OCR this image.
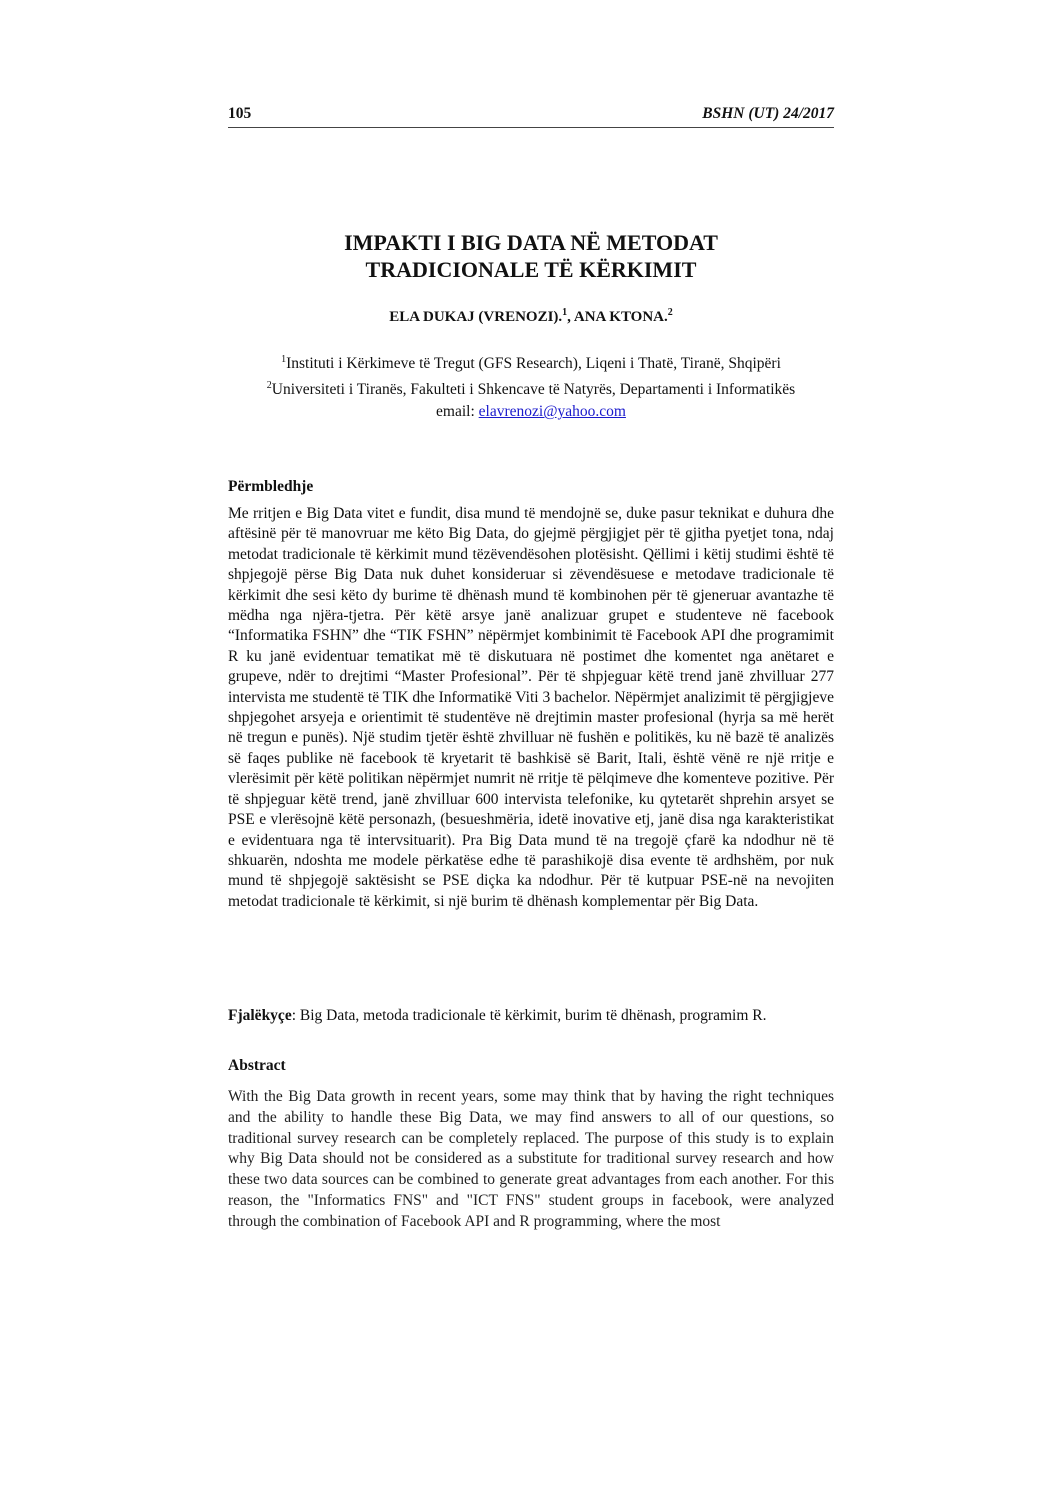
105	BSHN (UT) 24/2017
IMPAKTI I BIG DATA NË METODAT
TRADICIONALE TË KËRKIMIT
ELA DUKAJ (VRENOZI).$^1$, ANA KTONA.$^2$
$^1$Instituti i Kërkimeve të Tregut (GFS Research), Liqeni i Thatë, Tiranë, Shqipëri
$^2$Universiteti i Tiranës, Fakulteti i Shkencave të Natyrës, Departamenti i Informatikës
email: elavrenozi@yahoo.com
Përmbledhje
Me rritjen e Big Data vitet e fundit, disa mund të mendojnë se, duke pasur teknikat e duhura dhe aftësinë për të manovruar me këto Big Data, do gjejmë përgjigjet për të gjitha pyetjet tona, ndaj metodat tradicionale të kërkimit mund tëzëvendësohen plotësisht. Qëllimi i këtij studimi është të shpjegojë përse Big Data nuk duhet konsideruar si zëvendësuese e metodave tradicionale të kërkimit dhe sesi këto dy burime të dhënash mund të kombinohen për të gjeneruar avantazhe të mëdha nga njëra-tjetra. Për këtë arsye janë analizuar grupet e studenteve në facebook “Informatika FSHN” dhe “TIK FSHN” nëpërmjet kombinimit të Facebook API dhe programimit R ku janë evidentuar tematikat më të diskutuara në postimet dhe komentet nga anëtaret e grupeve, ndër to drejtimi “Master Profesional”. Për të shpjeguar këtë trend janë zhvilluar 277 intervista me studentë të TIK dhe Informatikë Viti 3 bachelor. Nëpërmjet analizimit të përgjigjeve shpjegohet arsyeja e orientimit të studentëve në drejtimin master profesional (hyrja sa më herët në tregun e punës). Një studim tjetër është zhvilluar në fushën e politikës, ku në bazë të analizës së faqes publike në facebook të kryetarit të bashkisë së Barit, Itali, është vënë re një rritje e vlerësimit për këtë politikan nëpërmjet numrit në rritje të pëlqimeve dhe komenteve pozitive. Për të shpjeguar këtë trend, janë zhvilluar 600 intervista telefonike, ku qytetarët shprehin arsyet se PSE e vlerësojnë këtë personazh, (besueshmëria, idetë inovative etj, janë disa nga karakteristikat e evidentuara nga të intervsituarit). Pra Big Data mund të na tregojë çfarë ka ndodhur në të shkuarën, ndoshta me modele përkatëse edhe të parashikojë disa evente të ardhshëm, por nuk mund të shpjegojë saktësisht se PSE diçka ka ndodhur. Për të kutpuar PSE-në na nevojiten metodat tradicionale të kërkimit, si një burim të dhënash komplementar për Big Data.
Fjalëkyçe: Big Data, metoda tradicionale të kërkimit, burim të dhënash, programim R.
Abstract
With the Big Data growth in recent years, some may think that by having the right techniques and the ability to handle these Big Data, we may find answers to all of our questions, so traditional survey research can be completely replaced. The purpose of this study is to explain why Big Data should not be considered as a substitute for traditional survey research and how these two data sources can be combined to generate great advantages from each another. For this reason, the "Informatics FNS" and "ICT FNS" student groups in facebook, were analyzed through the combination of Facebook API and R programming, where the most
